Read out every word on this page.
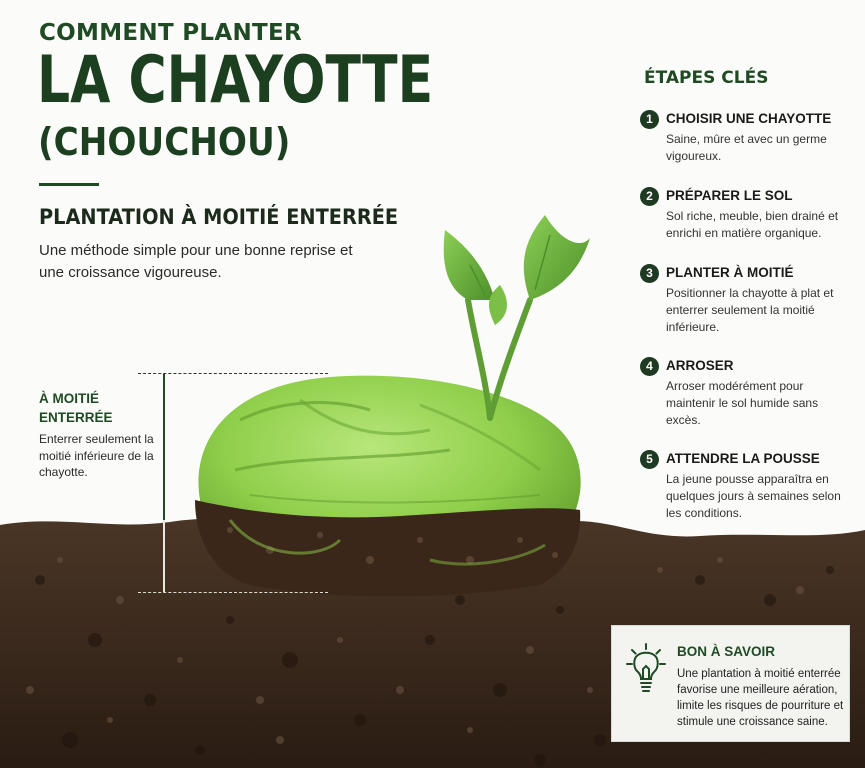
COMMENT PLANTER
LA CHAYOTTE
(CHOUCHOU)
PLANTATION À MOITIÉ ENTERRÉE
Une méthode simple pour une bonne reprise et une croissance vigoureuse.
À MOITIÉ ENTERRÉE
Enterrer seulement la moitié inférieure de la chayotte.
ÉTAPES CLÉS
1 CHOISIR UNE CHAYOTTE
Saine, mûre et avec un germe vigoureux.
2 PRÉPARER LE SOL
Sol riche, meuble, bien drainé et enrichi en matière organique.
3 PLANTER À MOITIÉ
Positionner la chayotte à plat et enterrer seulement la moitié inférieure.
4 ARROSER
Arroser modérément pour maintenir le sol humide sans excès.
5 ATTENDRE LA POUSSE
La jeune pousse apparaîtra en quelques jours à semaines selon les conditions.
BON À SAVOIR
Une plantation à moitié enterrée favorise une meilleure aération, limite les risques de pourriture et stimule une croissance saine.
